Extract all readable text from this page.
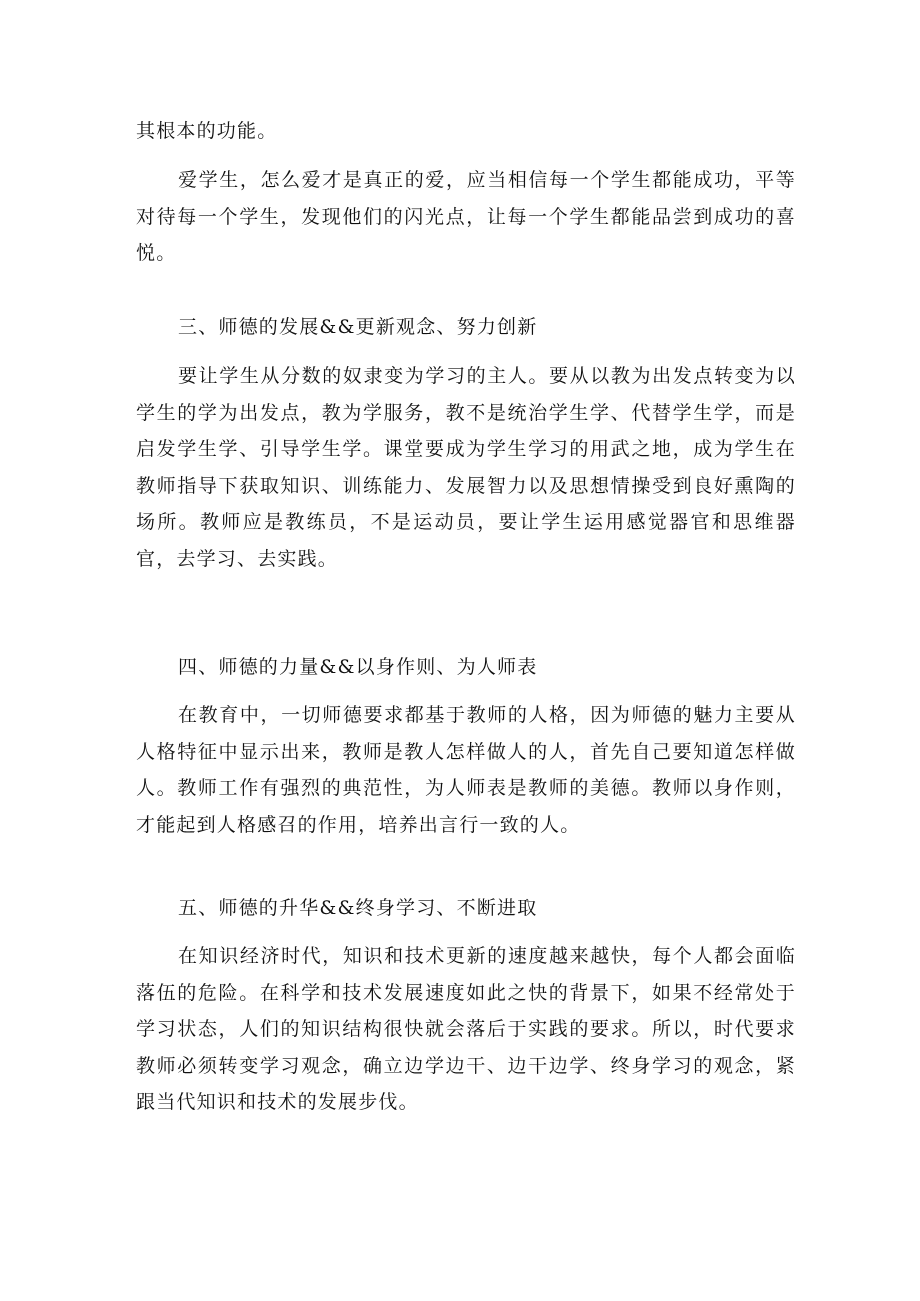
其根本的功能。

爱学生，怎么爱才是真正的爱，应当相信每一个学生都能成功，平等对待每一个学生，发现他们的闪光点，让每一个学生都能品尝到成功的喜悦。

三、师德的发展&&更新观念、努力创新

要让学生从分数的奴隶变为学习的主人。要从以教为出发点转变为以学生的学为出发点，教为学服务，教不是统治学生学、代替学生学，而是启发学生学、引导学生学。课堂要成为学生学习的用武之地，成为学生在教师指导下获取知识、训练能力、发展智力以及思想情操受到良好熏陶的场所。教师应是教练员，不是运动员，要让学生运用感觉器官和思维器官，去学习、去实践。

四、师德的力量&&以身作则、为人师表

在教育中，一切师德要求都基于教师的人格，因为师德的魅力主要从人格特征中显示出来，教师是教人怎样做人的人，首先自己要知道怎样做人。教师工作有强烈的典范性，为人师表是教师的美德。教师以身作则，才能起到人格感召的作用，培养出言行一致的人。

五、师德的升华&&终身学习、不断进取

在知识经济时代，知识和技术更新的速度越来越快，每个人都会面临落伍的危险。在科学和技术发展速度如此之快的背景下，如果不经常处于学习状态，人们的知识结构很快就会落后于实践的要求。所以，时代要求教师必须转变学习观念，确立边学边干、边干边学、终身学习的观念，紧跟当代知识和技术的发展步伐。
